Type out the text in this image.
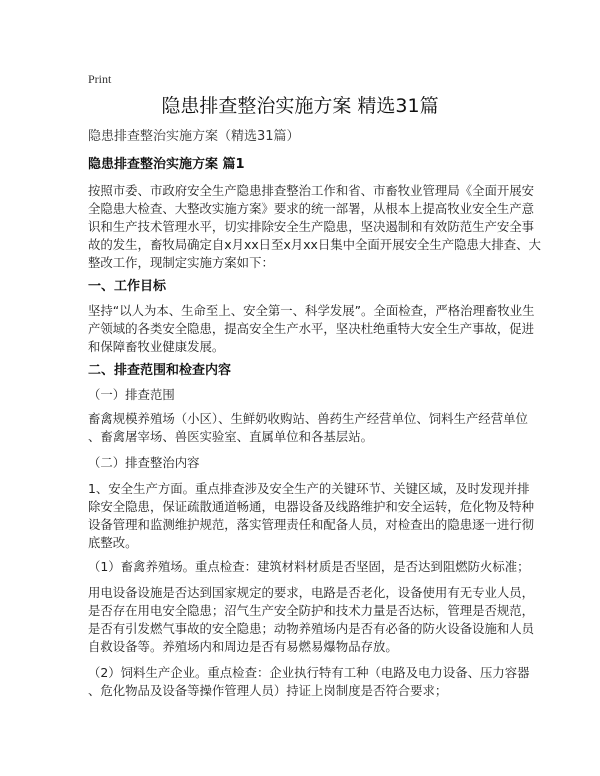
Print
隐患排查整治实施方案 精选31篇
隐患排查整治实施方案（精选31篇）
隐患排查整治实施方案 篇1
按照市委、市政府安全生产隐患排查整治工作和省、市畜牧业管理局《全面开展安
全隐患大检查、大整改实施方案》要求的统一部署，从根本上提高牧业安全生产意
识和生产技术管理水平，切实排除安全生产隐患，坚决遏制和有效防范生产安全事
故的发生，畜牧局确定自x月xx日至x月xx日集中全面开展安全生产隐患大排查、大
整改工作，现制定实施方案如下：
一、工作目标
坚持“以人为本、生命至上、安全第一、科学发展”。全面检查，严格治理畜牧业生
产领域的各类安全隐患，提高安全生产水平，坚决杜绝重特大安全生产事故，促进
和保障畜牧业健康发展。
二、排查范围和检查内容
（一）排查范围
畜禽规模养殖场（小区）、生鲜奶收购站、兽药生产经营单位、饲料生产经营单位
、畜禽屠宰场、兽医实验室、直属单位和各基层站。
（二）排查整治内容
1、安全生产方面。重点排查涉及安全生产的关键环节、关键区域，及时发现并排
除安全隐患，保证疏散通道畅通，电器设备及线路维护和安全运转，危化物及特种
设备管理和监测维护规范，落实管理责任和配备人员，对检查出的隐患逐一进行彻
底整改。
（1）畜禽养殖场。重点检查：建筑材料材质是否坚固，是否达到阻燃防火标准；
用电设备设施是否达到国家规定的要求，电路是否老化，设备使用有无专业人员，
是否存在用电安全隐患；沼气生产安全防护和技术力量是否达标，管理是否规范，
是否有引发燃气事故的安全隐患；动物养殖场内是否有必备的防火设备设施和人员
自救设备等。养殖场内和周边是否有易燃易爆物品存放。
（2）饲料生产企业。重点检查：企业执行特有工种（电路及电力设备、压力容器
、危化物品及设备等操作管理人员）持证上岗制度是否符合要求；
